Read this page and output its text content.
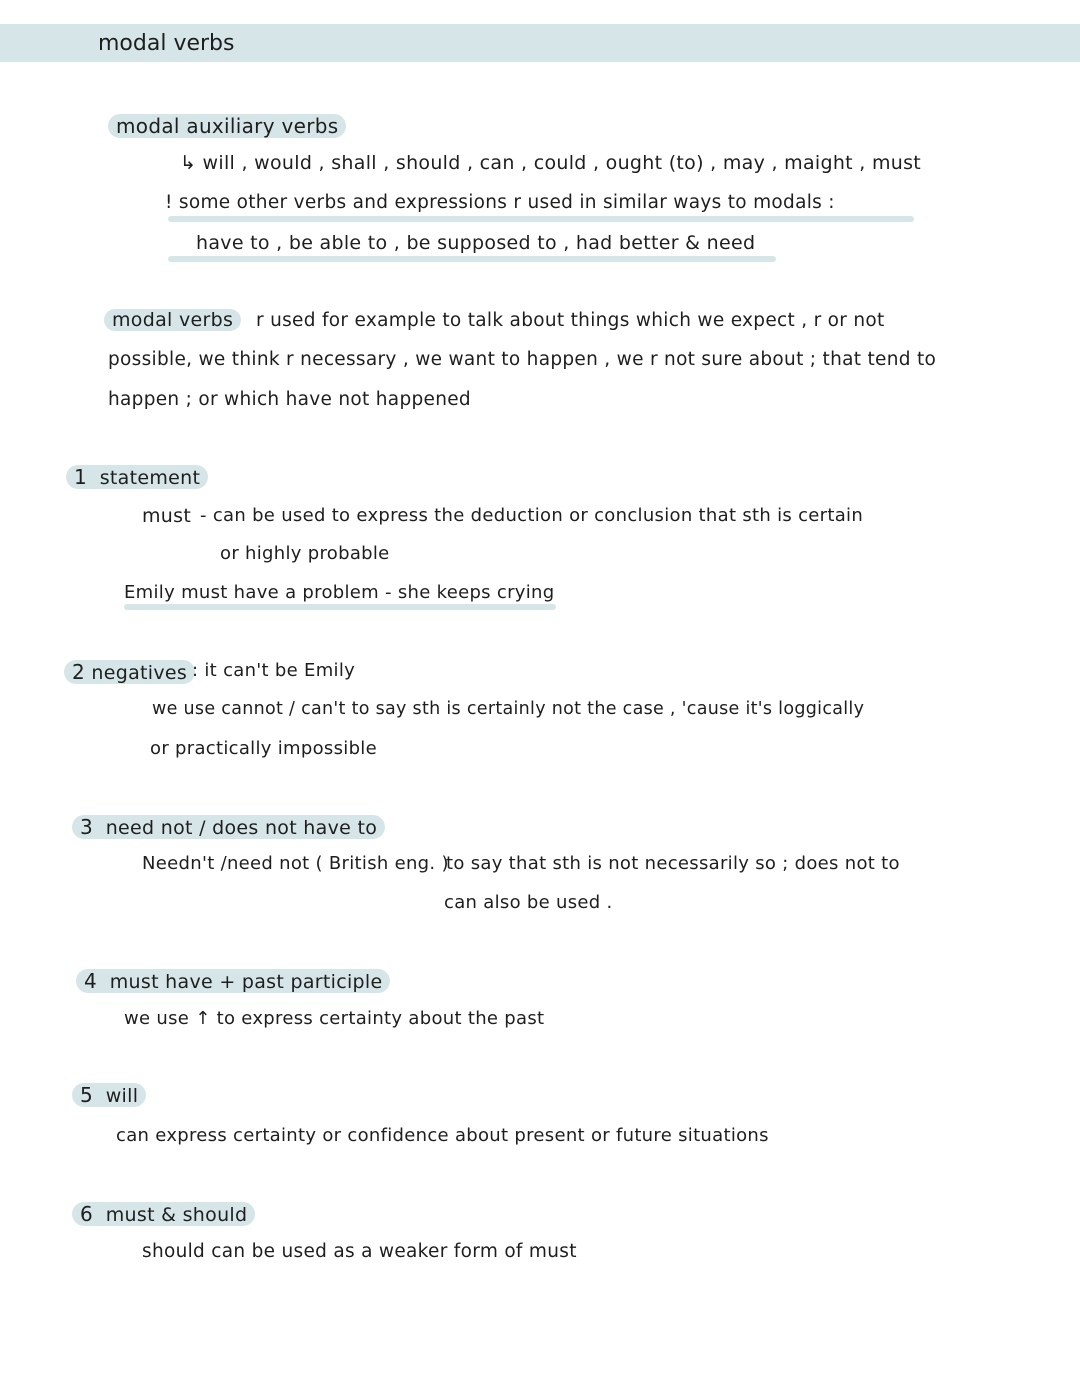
modal verbs
modal auxiliary verbs
↳ will , would , shall , should , can , could , ought (to) , may , maight , must
! some other verbs and expressions r used in similar ways to modals :
have to , be able to , be supposed to , had better & need
modal verbs	r used for example to talk about things which we expect , r or not
possible, we think r necessary , we want to happen , we r not sure about ; that tend to
happen ; or which have not happened
1 statement
must - can be used to express the deduction or conclusion that sth is certain
or highly probable
Emily must have a problem - she keeps crying
2 negatives : it can't be Emily
we use cannot / can't to say sth is certainly not the case , 'cause it's loggically
or practically impossible
3 need not / does not have to
Needn't /need not ( British eng. )
to say that sth is not necessarily so ; does not to
can also be used .
4 must have + past participle
we use ↑ to express certainty about the past
5 will
can express certainty or confidence about present or future situations
6 must & should
should can be used as a weaker form of must
